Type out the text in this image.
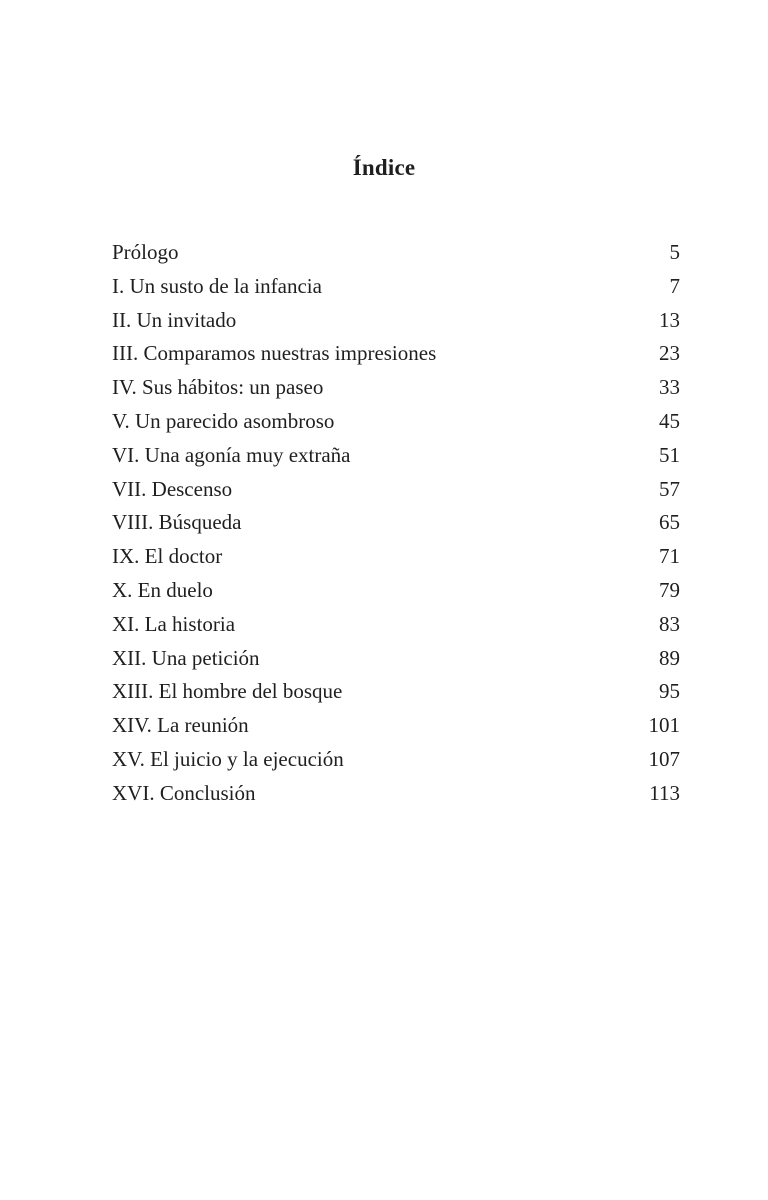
Índice
Prólogo	5
I. Un susto de la infancia	7
II. Un invitado	13
III. Comparamos nuestras impresiones	23
IV. Sus hábitos: un paseo	33
V. Un parecido asombroso	45
VI. Una agonía muy extraña	51
VII. Descenso	57
VIII. Búsqueda	65
IX. El doctor	71
X. En duelo	79
XI. La historia	83
XII. Una petición	89
XIII. El hombre del bosque	95
XIV. La reunión	101
XV. El juicio y la ejecución	107
XVI. Conclusión	113
